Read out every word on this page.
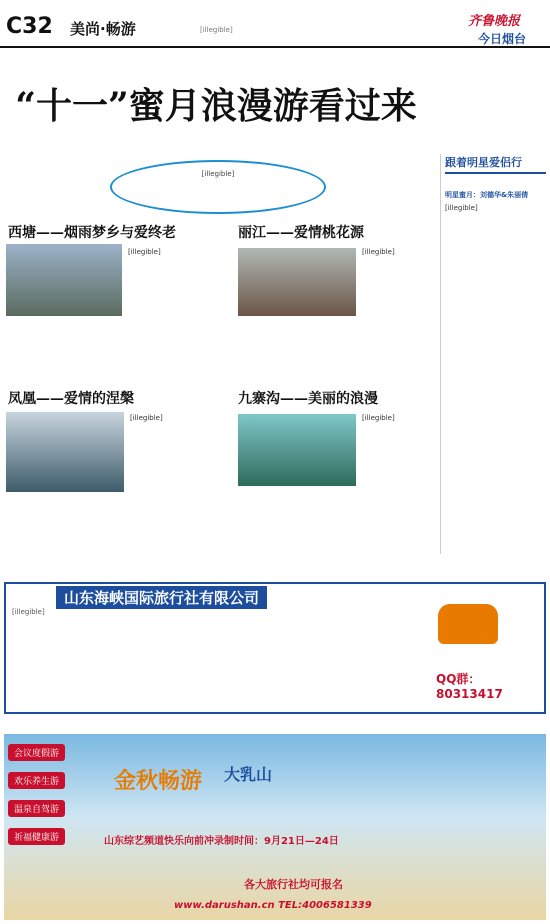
C32 美尚·畅游	[illegible]
齐鲁晚报
今日烟台
“十一”蜜月浪漫游看过来
[illegible]
西塘——烟雨梦乡与爱终老
[illegible]
丽江——爱情桃花源
[illegible]
凤凰——爱情的涅槃
[illegible]
九寨沟——美丽的浪漫
[illegible]
跟着明星爱侣行
明星蜜月：刘德华&朱丽倩
[illegible]
山东海峡国际旅行社有限公司
[illegible]
QQ群：80313417
会议度假游
欢乐养生游
温泉自驾游
祈福健康游
金秋畅游 大乳山
山东综艺频道快乐向前冲录制时间：9月21日—24日
各大旅行社均可报名
www.darushan.cn TEL:4006581339
